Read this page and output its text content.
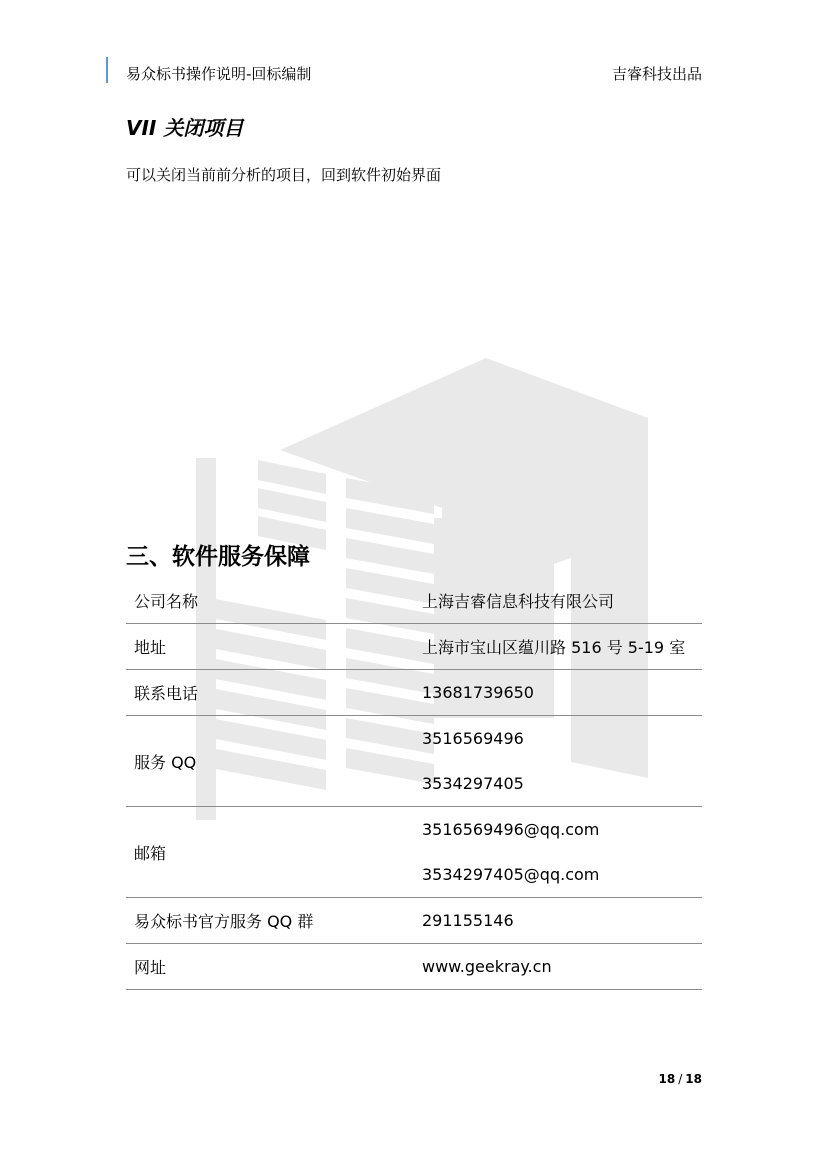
易众标书操作说明-回标编制	吉睿科技出品
VII 关闭项目
可以关闭当前前分析的项目，回到软件初始界面
三、软件服务保障
公司名称	上海吉睿信息科技有限公司
地址	上海市宝山区蕴川路 516 号 5-19 室
联系电话	13681739650
服务 QQ	3516569496
3534297405

邮箱	3516569496@qq.com
3534297405@qq.com

易众标书官方服务 QQ 群	291155146
网址	www.geekray.cn
18 / 18
